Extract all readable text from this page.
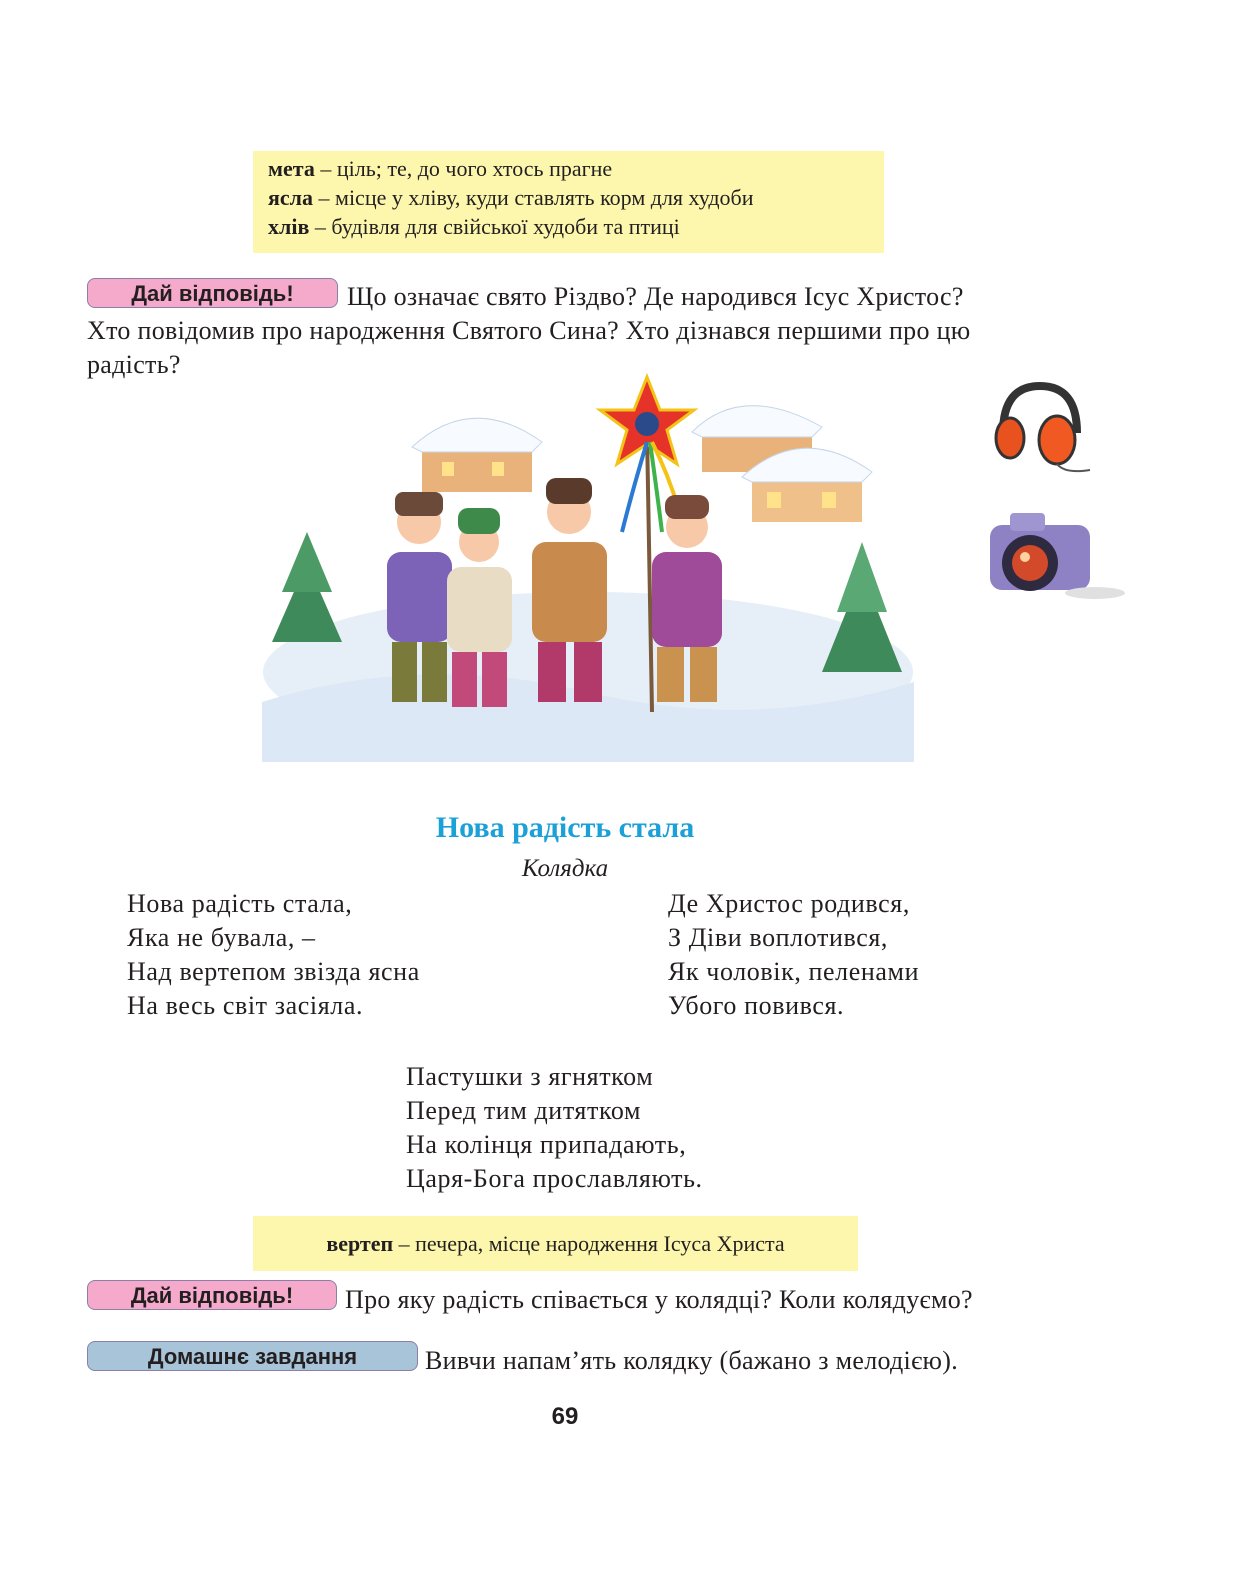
мета – ціль; те, до чого хтось прагне
ясла – місце у хліву, куди ставлять корм для худоби
хлів – будівля для свійської худоби та птиці
Дай відповідь!	Що означає свято Різдво? Де народився Ісус Христос?
Хто повідомив про народження Святого Сина? Хто дізнався першими про цю
радість?
Нова радість стала
Колядка
Нова радість стала,
Яка не бувала, –
Над вертепом звізда ясна
На весь світ засіяла.
Де Христос родився,
З Діви воплотився,
Як чоловік, пеленами
Убого повився.
Пастушки з ягнятком
Перед тим дитятком
На колінця припадають,
Царя-Бога прославляють.
вертеп – печера, місце народження Ісуса Христа
Дай відповідь!	Про яку радість співається у колядці? Коли колядуємо?
Домашнє завдання	Вивчи напам’ять колядку (бажано з мелодією).
69
